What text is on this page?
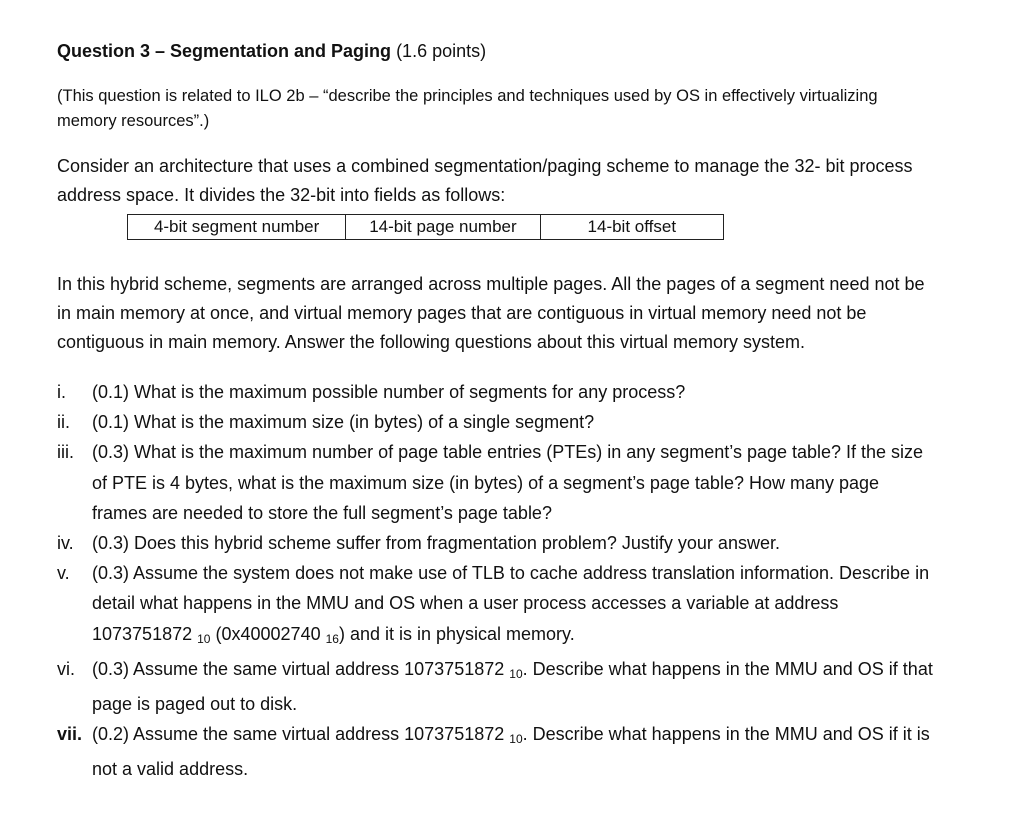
Question 3 – Segmentation and Paging (1.6 points)

(This question is related to ILO 2b – “describe the principles and techniques used by OS in effectively virtualizing memory resources”.)
Consider an architecture that uses a combined segmentation/paging scheme to manage the 32- bit process address space. It divides the 32-bit into fields as follows:
4-bit segment number	14-bit page number	14-bit offset
In this hybrid scheme, segments are arranged across multiple pages. All the pages of a segment need not be in main memory at once, and virtual memory pages that are contiguous in virtual memory need not be contiguous in main memory. Answer the following questions about this virtual memory system.
i.	(0.1) What is the maximum possible number of segments for any process?
ii.	(0.1) What is the maximum size (in bytes) of a single segment?
iii.	(0.3) What is the maximum number of page table entries (PTEs) in any segment’s page table? If the size of PTE is 4 bytes, what is the maximum size (in bytes) of a segment’s page table? How many page frames are needed to store the full segment’s page table?
iv.	(0.3) Does this hybrid scheme suffer from fragmentation problem? Justify your answer.
v.	(0.3) Assume the system does not make use of TLB to cache address translation information. Describe in detail what happens in the MMU and OS when a user process accesses a variable at address 1073751872 $_{10}$ (0x40002740 $_{16}$) and it is in physical memory.
vi. (0.3) Assume the same virtual address 1073751872 $_{10}$. Describe what happens in the MMU and OS if that page is paged out to disk.
vii. (0.2) Assume the same virtual address 1073751872 $_{10}$. Describe what happens in the MMU and OS if it is not a valid address.
